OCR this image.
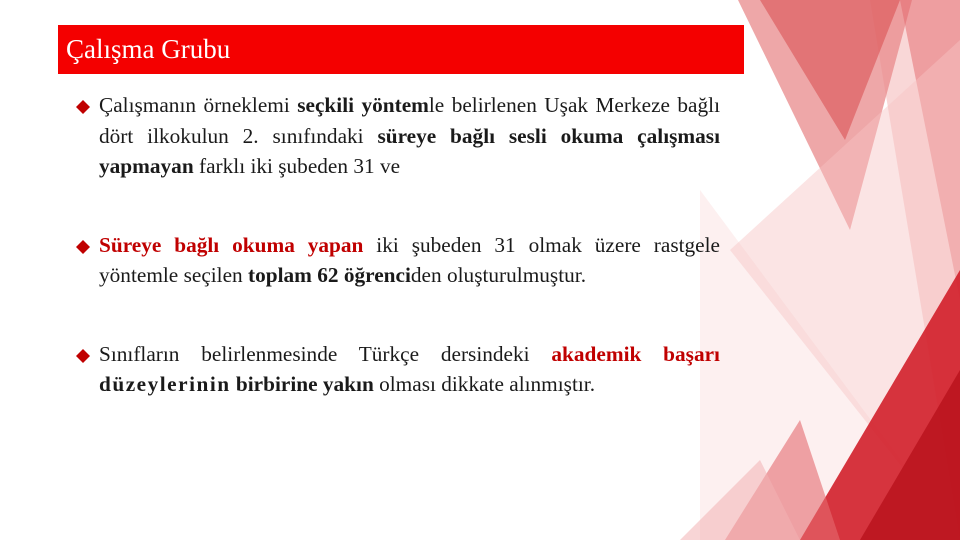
Çalışma Grubu
Çalışmanın örneklemi seçkili yöntemle belirlenen Uşak Merkeze bağlı dört ilkokulun 2. sınıfındaki süreye bağlı sesli okuma çalışması yapmayan farklı iki şubeden 31 ve
Süreye bağlı okuma yapan iki şubeden 31 olmak üzere rastgele yöntemle seçilen toplam 62 öğrenciden oluşturulmuştur.
Sınıfların belirlenmesinde Türkçe dersindeki akademik başarı düzeylerinin birbirine yakın olması dikkate alınmıştır.
